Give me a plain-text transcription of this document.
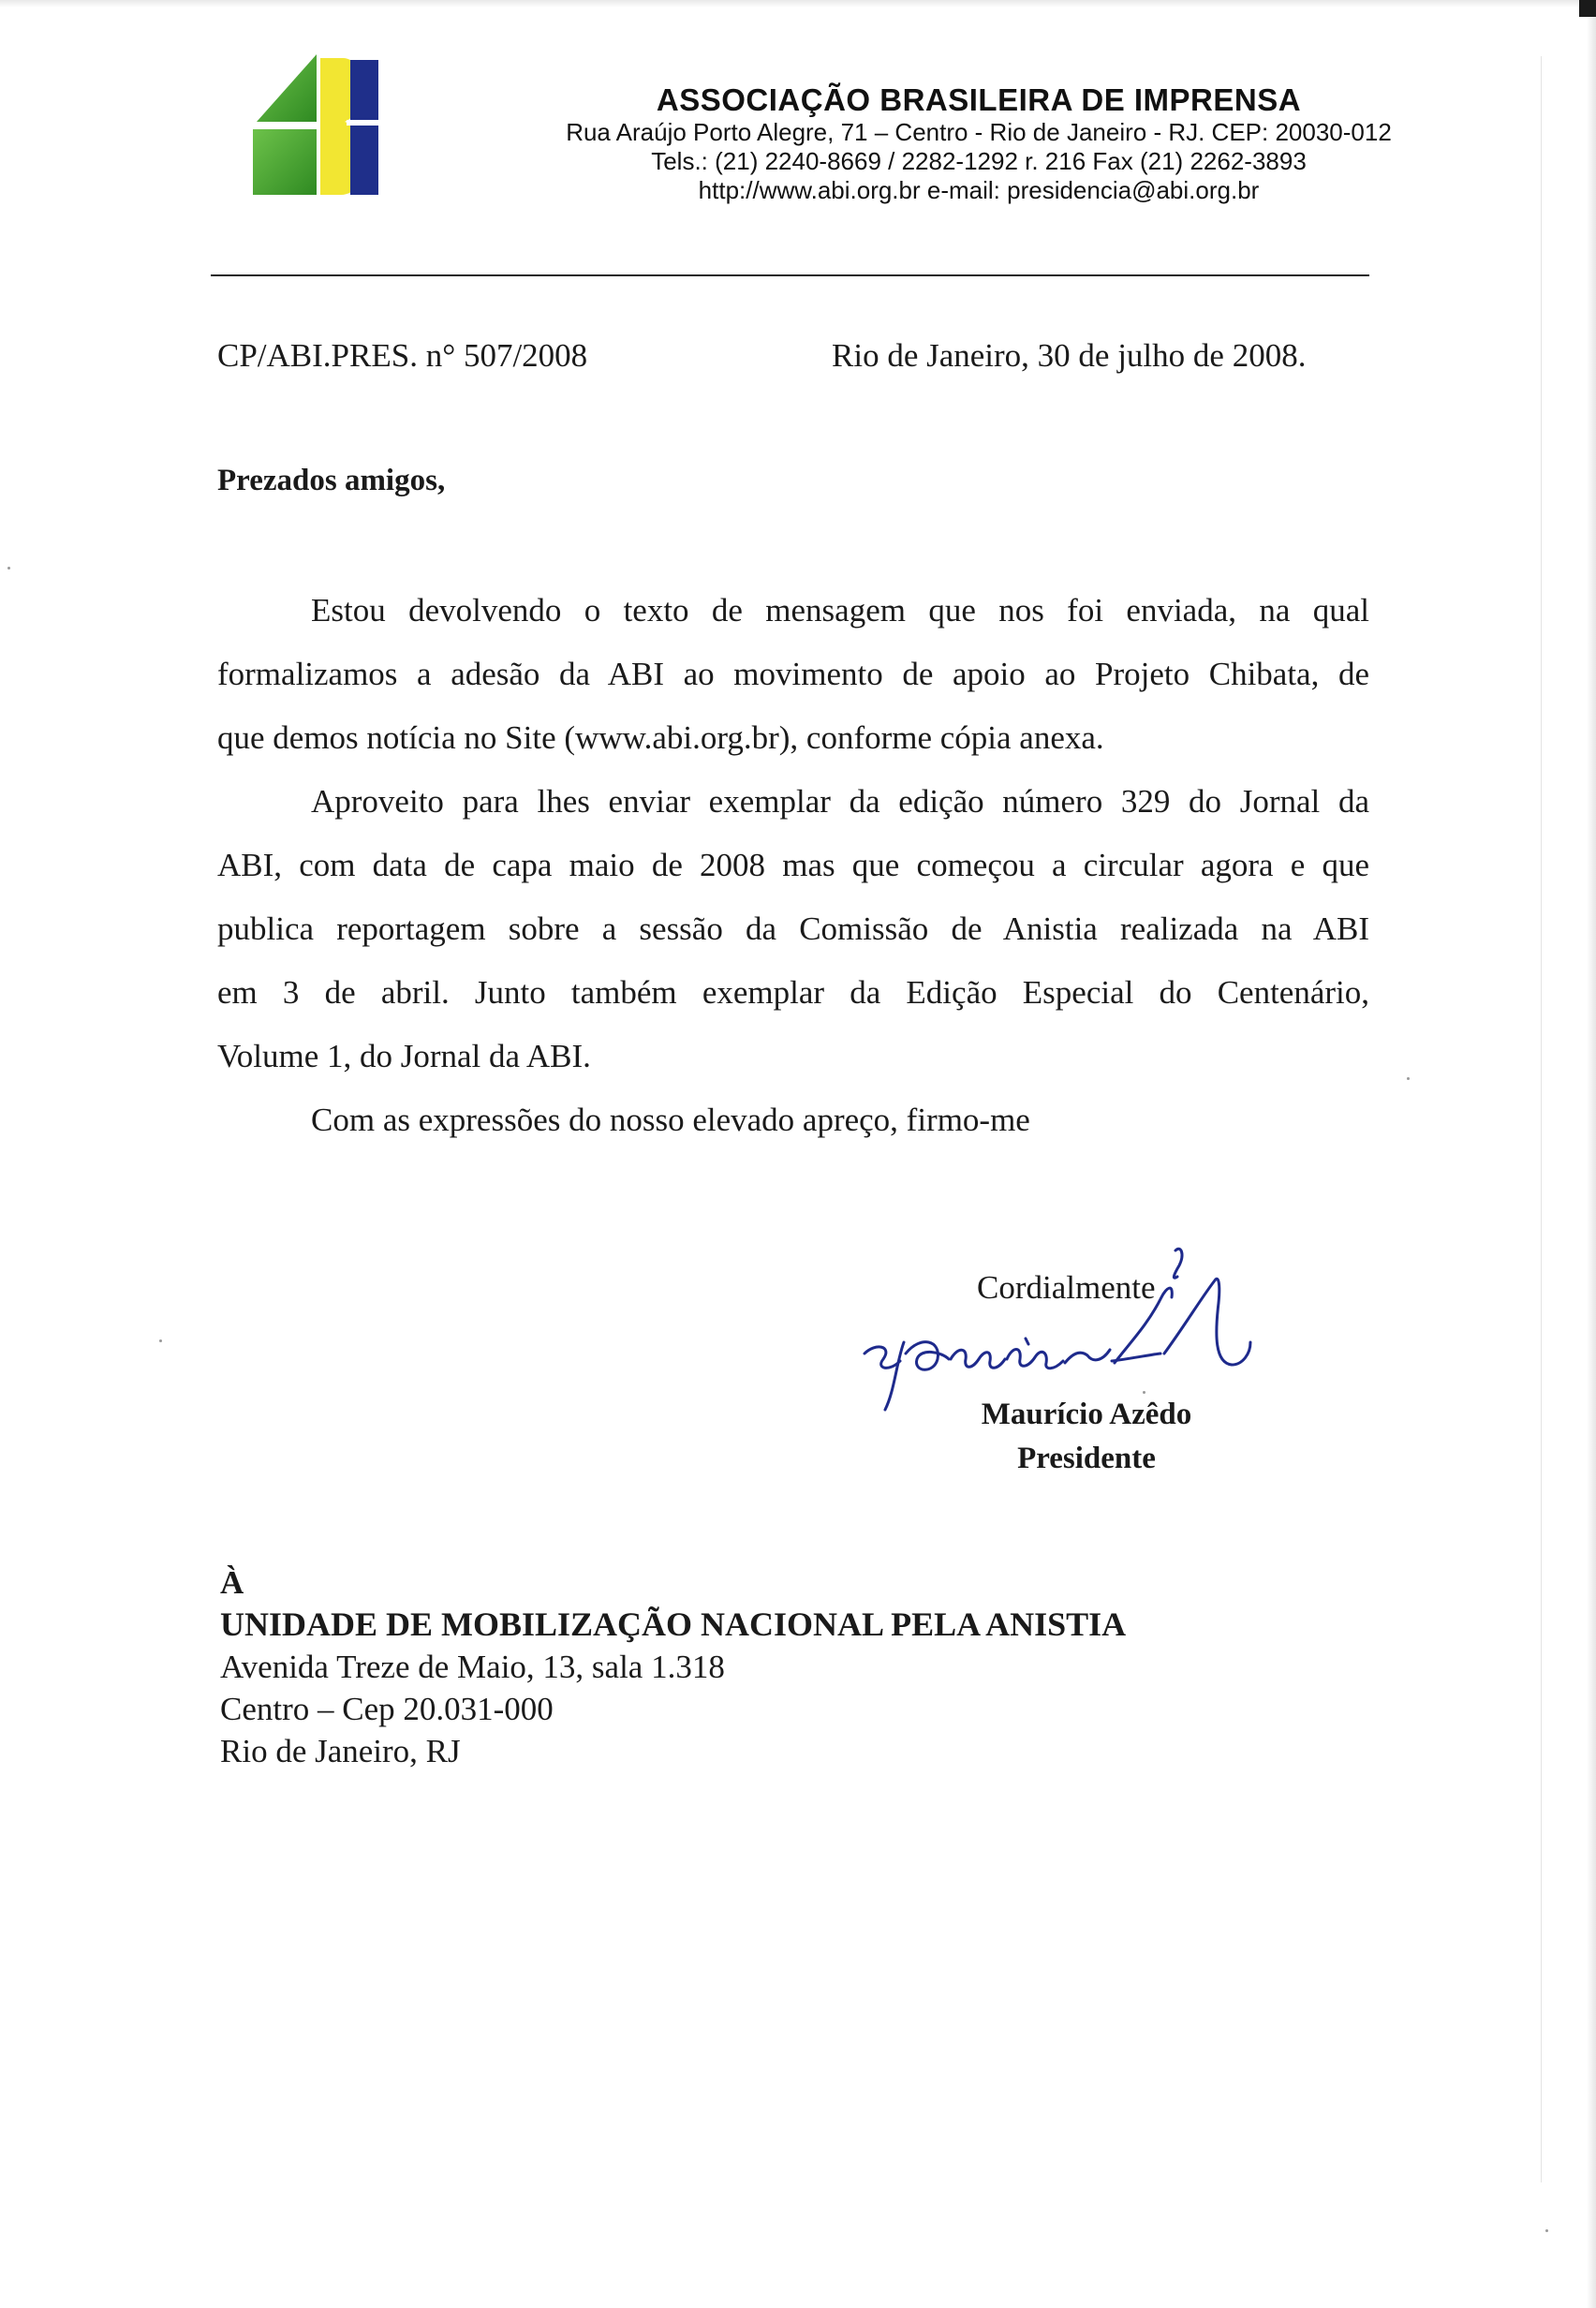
ASSOCIAÇÃO BRASILEIRA DE IMPRENSA
Rua Araújo Porto Alegre, 71 – Centro - Rio de Janeiro - RJ. CEP: 20030-012
Tels.: (21) 2240-8669 / 2282-1292 r. 216 Fax (21) 2262-3893
http://www.abi.org.br e-mail: presidencia@abi.org.br
CP/ABI.PRES. n° 507/2008	Rio de Janeiro, 30 de julho de 2008.
Prezados amigos,

Estou devolvendo o texto de mensagem que nos foi enviada, na qual
formalizamos a adesão da ABI ao movimento de apoio ao Projeto Chibata, de
que demos notícia no Site (www.abi.org.br), conforme cópia anexa.

Aproveito para lhes enviar exemplar da edição número 329 do Jornal da
ABI, com data de capa maio de 2008 mas que começou a circular agora e que
publica reportagem sobre a sessão da Comissão de Anistia realizada na ABI
em 3 de abril. Junto também exemplar da Edição Especial do Centenário,
Volume 1, do Jornal da ABI.

Com as expressões do nosso elevado apreço, firmo-me

Cordialmente
Maurício Azêdo
Presidente
À
UNIDADE DE MOBILIZAÇÃO NACIONAL PELA ANISTIA
Avenida Treze de Maio, 13, sala 1.318
Centro – Cep 20.031-000
Rio de Janeiro, RJ
